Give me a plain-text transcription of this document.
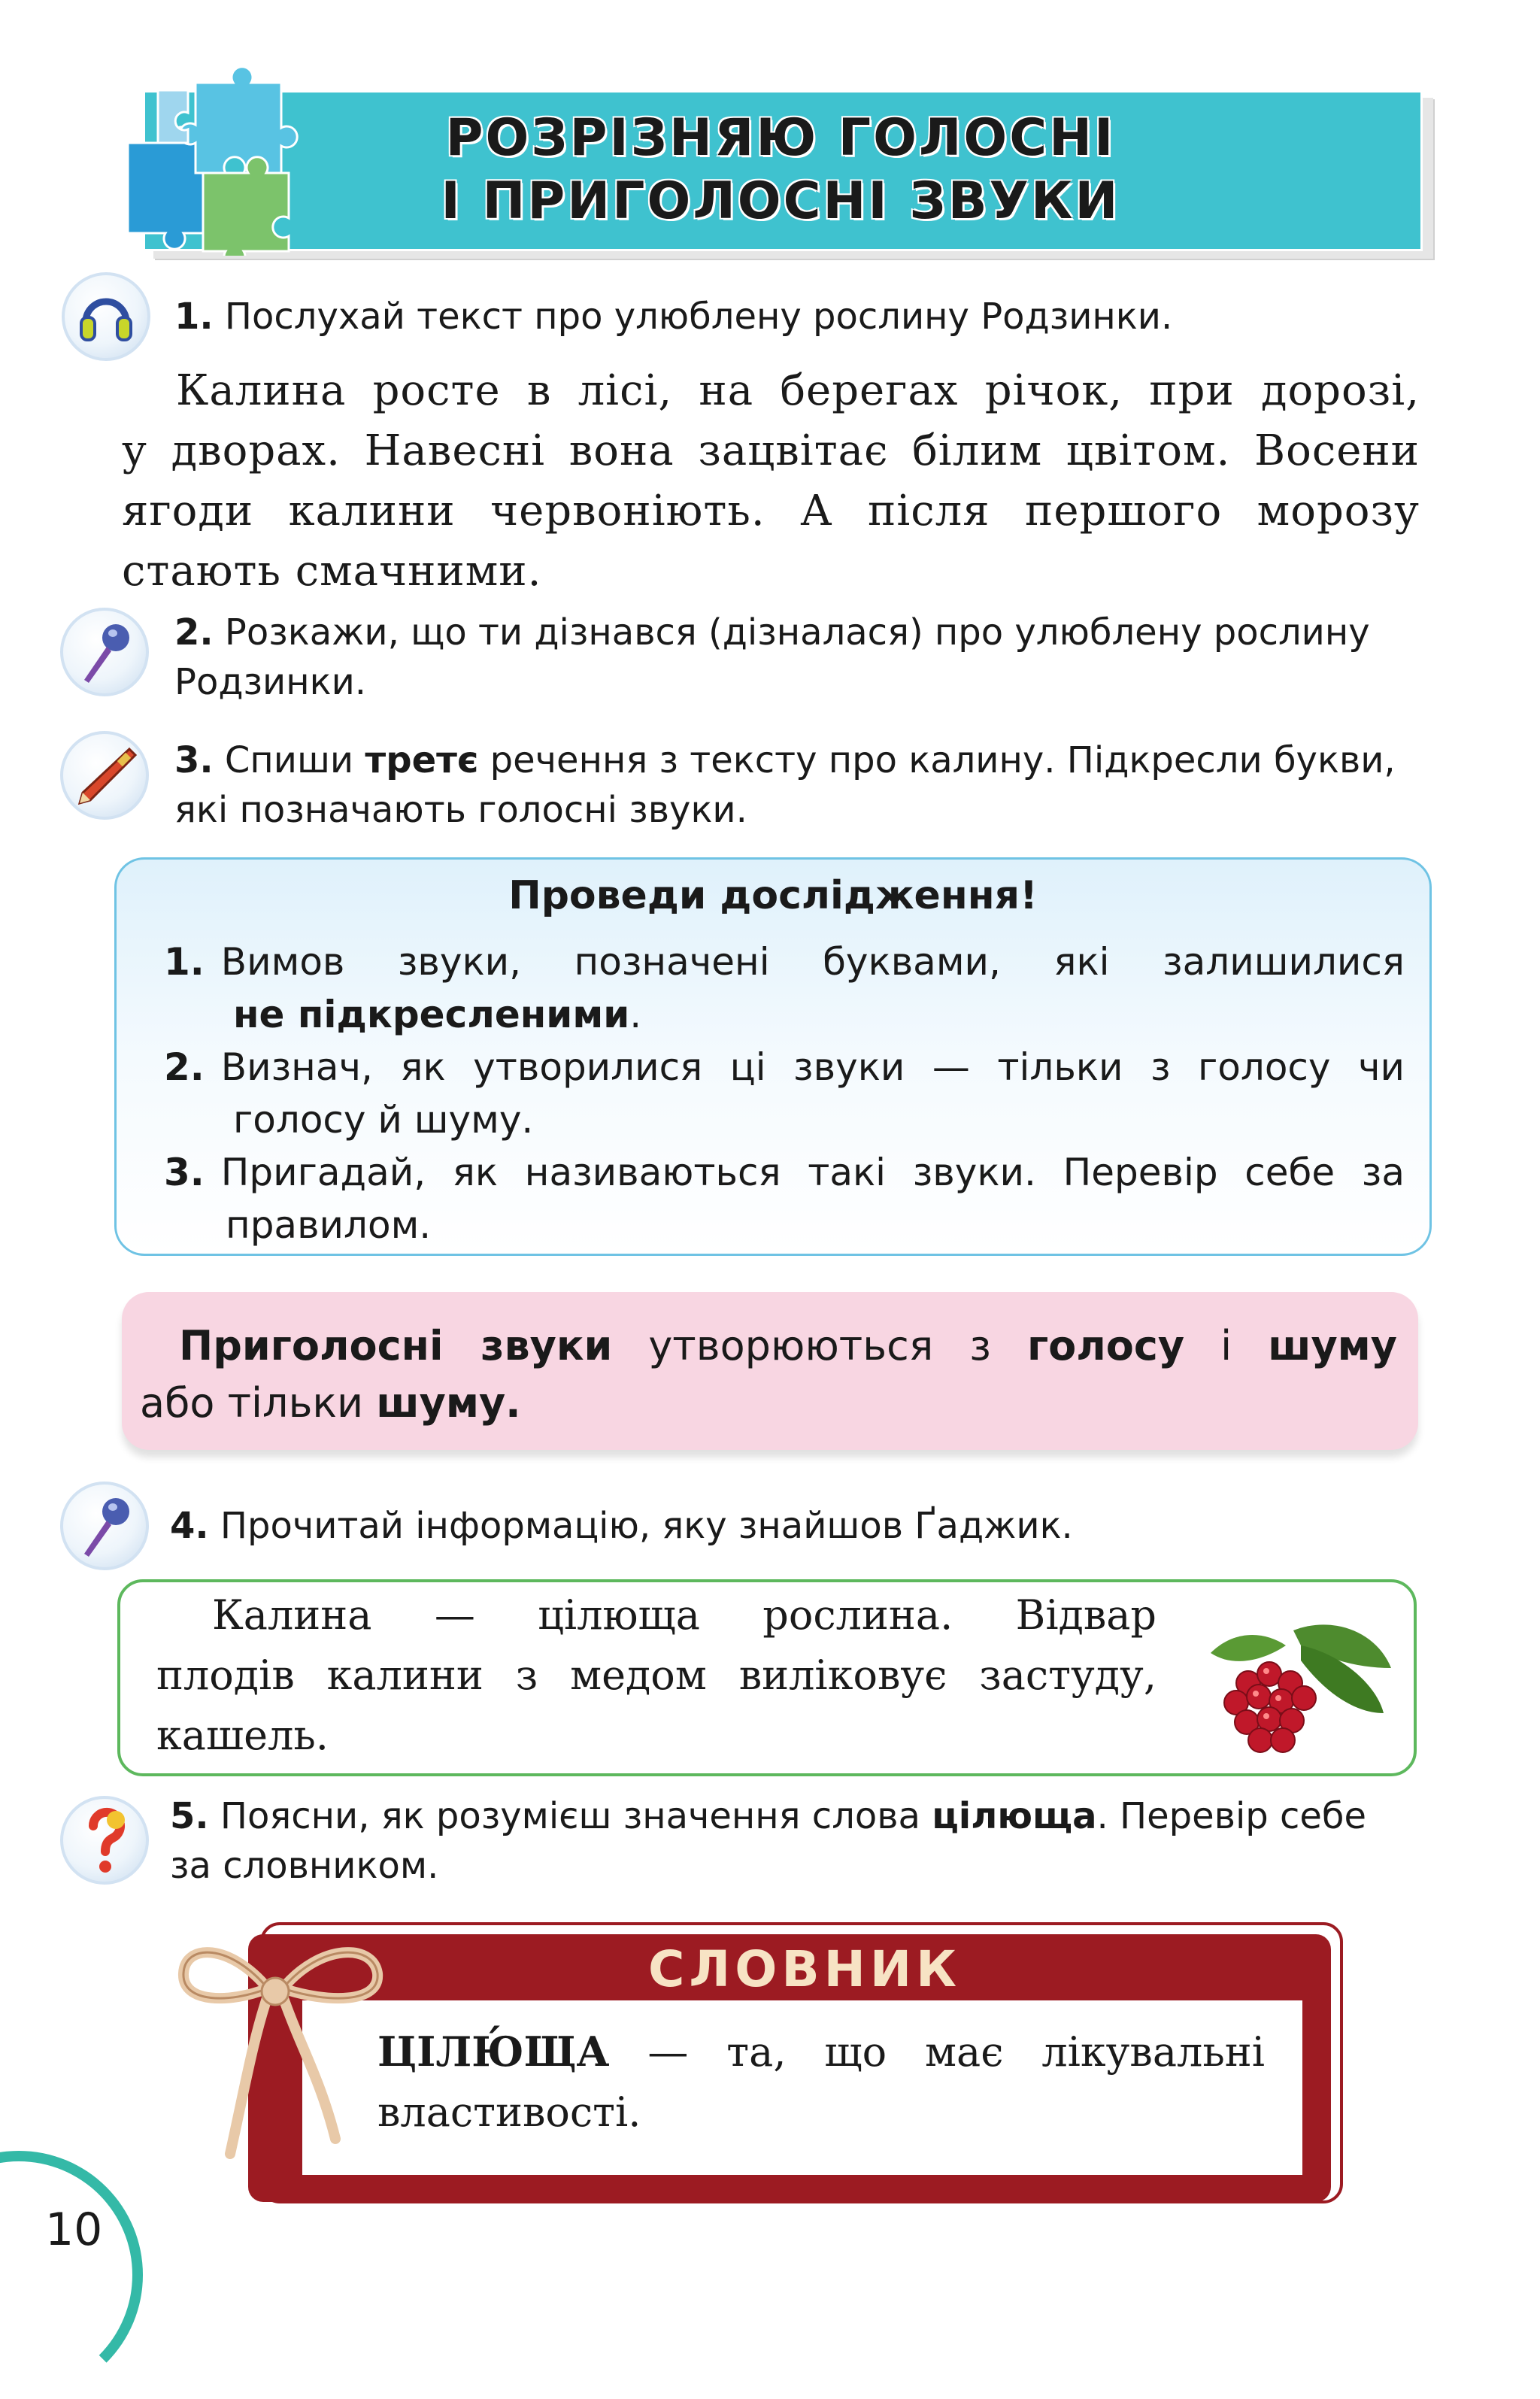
РОЗРІЗНЯЮ ГОЛОСНІ
І ПРИГОЛОСНІ ЗВУКИ
1. Послухай текст про улюблену рослину Родзинки.
Калина росте в лісі, на берегах річок, при дорозі,
у дворах. Навесні вона зацвітає білим цвітом. Восени
ягоди калини червоніють. А після першого морозу
стають смачними.
2. Розкажи, що ти дізнався (дізналася) про улюблену рослину
Родзинки.
3. Спиши третє речення з тексту про калину. Підкресли букви,
які позначають голосні звуки.
Проведи дослідження!
1. Вимов звуки, позначені буквами, які залишилися
не підкресленими.
2. Визнач, як утворилися ці звуки — тільки з голосу чи
голосу й шуму.
3. Пригадай, як називаються такі звуки. Перевір себе за
правилом.
Приголосні звуки утворюються з голосу і шуму
або тільки шуму.
4. Прочитай інформацію, яку знайшов Ґаджик.
Калина — цілюща рослина. Відвар
плодів калини з медом виліковує застуду,
кашель.
5. Поясни, як розумієш значення слова цілюща. Перевір себе
за словником.
СЛОВНИК
ЦІЛЮ́ЩА — та, що має лікувальні
властивості.
10
